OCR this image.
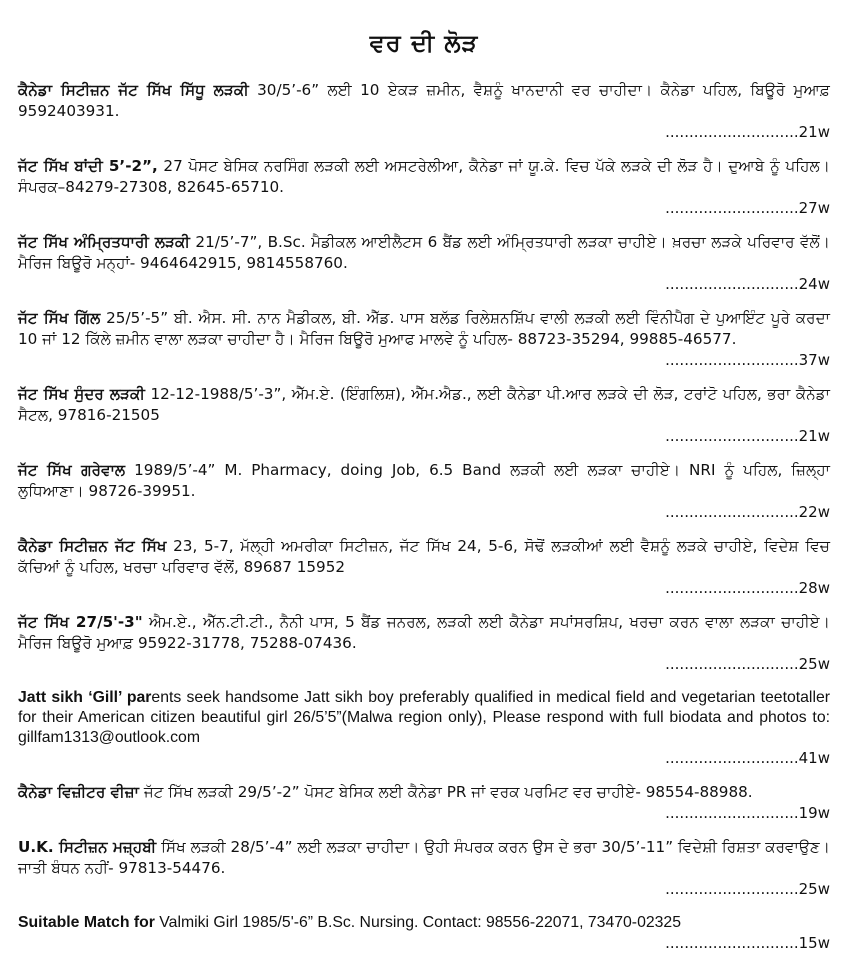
ਵਰ ਦੀ ਲੋੜ

ਕੈਨੇਡਾ ਸਿਟੀਜ਼ਨ ਜੱਟ ਸਿੱਖ ਸਿੱਧੂ ਲੜਕੀ 30/5’-6” ਲਈ 10 ਏਕੜ ਜ਼ਮੀਨ, ਵੈਸ਼ਨੂੰ ਖਾਨਦਾਨੀ ਵਰ ਚਾਹੀਦਾ। ਕੈਨੇਡਾ ਪਹਿਲ, ਬਿਊਰੋ ਮੁਆਫ਼ 9592403931.

............................21w

ਜੱਟ ਸਿੱਖ ਬਾਂਦੀ 5’-2”, 27 ਪੋਸਟ ਬੇਸਿਕ ਨਰਸਿੰਗ ਲੜਕੀ ਲਈ ਅਸਟਰੇਲੀਆ, ਕੈਨੇਡਾ ਜਾਂ ਯੂ.ਕੇ. ਵਿਚ ਪੱਕੇ ਲੜਕੇ ਦੀ ਲੋੜ ਹੈ। ਦੁਆਬੇ ਨੂੰ ਪਹਿਲ। ਸੰਪਰਕ–84279-27308, 82645-65710.

............................27w

ਜੱਟ ਸਿੱਖ ਅੰਮ੍ਰਿਤਧਾਰੀ ਲੜਕੀ 21/5’-7”, B.Sc. ਮੈਡੀਕਲ ਆਈਲੈਟਸ 6 ਬੈਂਡ ਲਈ ਅੰਮ੍ਰਿਤਧਾਰੀ ਲੜਕਾ ਚਾਹੀਏ। ਖ਼ਰਚਾ ਲੜਕੇ ਪਰਿਵਾਰ ਵੱਲੋਂ। ਮੈਰਿਜ ਬਿਊਰੋ ਮਨ੍ਹਾਂ- 9464642915, 9814558760.

............................24w

ਜੱਟ ਸਿੱਖ ਗਿੱਲ 25/5’-5” ਬੀ. ਐਸ. ਸੀ. ਨਾਨ ਮੈਡੀਕਲ, ਬੀ. ਐੱਡ. ਪਾਸ ਬਲੱਡ ਰਿਲੇਸ਼ਨਸ਼ਿੱਪ ਵਾਲੀ ਲੜਕੀ ਲਈ ਵਿੰਨੀਪੈਗ ਦੇ ਪੁਆਇੰਟ ਪੂਰੇ ਕਰਦਾ 10 ਜਾਂ 12 ਕਿੱਲੇ ਜ਼ਮੀਨ ਵਾਲਾ ਲੜਕਾ ਚਾਹੀਦਾ ਹੈ। ਮੈਰਿਜ ਬਿਊਰੋ ਮੁਆਫ ਮਾਲਵੇ ਨੂੰ ਪਹਿਲ- 88723-35294, 99885-46577.

............................37w

ਜੱਟ ਸਿੱਖ ਸੁੰਦਰ ਲੜਕੀ 12-12-1988/5’-3”, ਐੱਮ.ਏ. (ਇੰਗਲਿਸ਼), ਐੱਮ.ਐਡ., ਲਈ ਕੈਨੇਡਾ ਪੀ.ਆਰ ਲੜਕੇ ਦੀ ਲੋੜ, ਟਰਾਂਟੋ ਪਹਿਲ, ਭਰਾ ਕੈਨੇਡਾ ਸੈਟਲ, 97816-21505

............................21w

ਜੱਟ ਸਿੱਖ ਗਰੇਵਾਲ 1989/5’-4” M. Pharmacy, doing Job, 6.5 Band ਲੜਕੀ ਲਈ ਲੜਕਾ ਚਾਹੀਏ। NRI ਨੂੰ ਪਹਿਲ, ਜ਼ਿਲ੍ਹਾ ਲੁਧਿਆਣਾ। 98726-39951.

............................22w

ਕੈਨੇਡਾ ਸਿਟੀਜ਼ਨ ਜੱਟ ਸਿੱਖ 23, 5-7, ਮੱਲ੍ਹੀ ਅਮਰੀਕਾ ਸਿਟੀਜ਼ਨ, ਜੱਟ ਸਿੱਖ 24, 5-6, ਸੋਢੋਂ ਲੜਕੀਆਂ ਲਈ ਵੈਸ਼ਨੂੰ ਲੜਕੇ ਚਾਹੀਏ, ਵਿਦੇਸ਼ ਵਿਚ ਕੱਚਿਆਂ ਨੂੰ ਪਹਿਲ, ਖਰਚਾ ਪਰਿਵਾਰ ਵੱਲੋਂ, 89687 15952

............................28w

ਜੱਟ ਸਿੱਖ 27/5'-3" ਐਮ.ਏ., ਐੱਨ.ਟੀ.ਟੀ., ਨੈਨੀ ਪਾਸ, 5 ਬੈਂਡ ਜਨਰਲ, ਲੜਕੀ ਲਈ ਕੈਨੇਡਾ ਸਪਾਂਸਰਸ਼ਿਪ, ਖਰਚਾ ਕਰਨ ਵਾਲਾ ਲੜਕਾ ਚਾਹੀਏ। ਮੈਰਿਜ ਬਿਊਰੋ ਮੁਆਫ਼ 95922-31778, 75288-07436.

............................25w

Jatt sikh ‘Gill’ parents seek handsome Jatt sikh boy preferably qualified in medical field and vegetarian teetotaller for their American citizen beautiful girl 26/5’5”(Malwa region only), Please respond with full biodata and photos to: gillfam1313@outlook.com

............................41w

ਕੈਨੇਡਾ ਵਿਜ਼ੀਟਰ ਵੀਜ਼ਾ ਜੱਟ ਸਿੱਖ ਲੜਕੀ 29/5’-2” ਪੋਸਟ ਬੇਸਿਕ ਲਈ ਕੈਨੇਡਾ PR ਜਾਂ ਵਰਕ ਪਰਮਿਟ ਵਰ ਚਾਹੀਏ- 98554-88988.

............................19w

U.K. ਸਿਟੀਜ਼ਨ ਮਜ਼੍ਹਬੀ ਸਿੱਖ ਲੜਕੀ 28/5’-4” ਲਈ ਲੜਕਾ ਚਾਹੀਦਾ। ਉਹੀ ਸੰਪਰਕ ਕਰਨ ਉਸ ਦੇ ਭਰਾ 30/5’-11” ਵਿਦੇਸ਼ੀ ਰਿਸ਼ਤਾ ਕਰਵਾਉਣ। ਜਾਤੀ ਬੰਧਨ ਨਹੀਂ- 97813-54476.

............................25w

Suitable Match for Valmiki Girl 1985/5'-6” B.Sc. Nursing. Contact: 98556-22071, 73470-02325

............................15w
